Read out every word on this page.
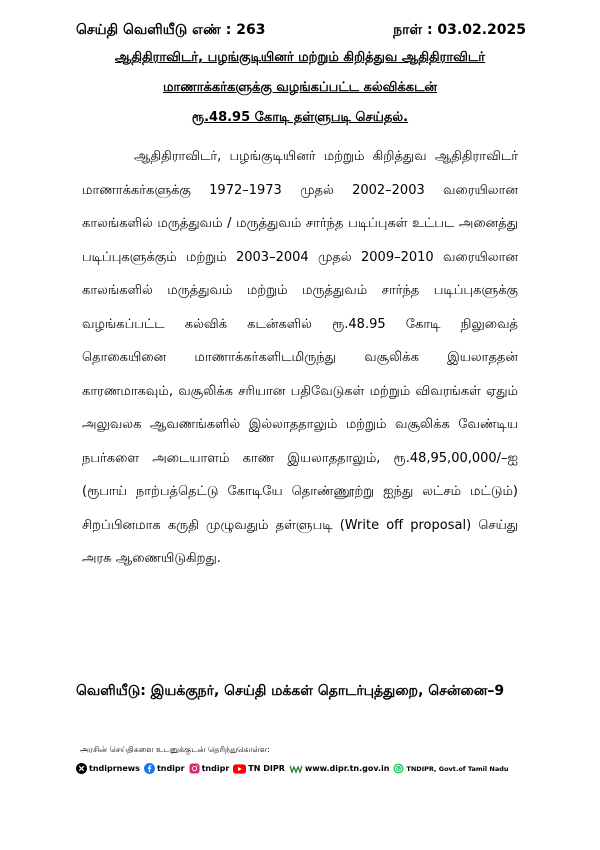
செய்தி வெளியீடு எண் : 263	நாள் : 03.02.2025
ஆதிதிராவிடர், பழங்குடியினர் மற்றும் கிறித்துவ ஆதிதிராவிடர்
மாணாக்கர்களுக்கு வழங்கப்பட்ட கல்விக்கடன்
ரூ.48.95 கோடி தள்ளுபடி செய்தல்.

ஆதிதிராவிடர், பழங்குடியினர் மற்றும் கிறித்துவ ஆதிதிராவிடர் மாணாக்கர்களுக்கு 1972–1973 முதல் 2002–2003 வரையிலான காலங்களில் மருத்துவம் / மருத்துவம் சார்ந்த படிப்புகள் உட்பட அனைத்து படிப்புகளுக்கும் மற்றும் 2003–2004 முதல் 2009–2010 வரையிலான காலங்களில் மருத்துவம் மற்றும் மருத்துவம் சார்ந்த படிப்புகளுக்கு வழங்கப்பட்ட கல்விக் கடன்களில் ரூ.48.95 கோடி நிலுவைத் தொகையினை மாணாக்கர்களிடமிருந்து வசூலிக்க இயலாததன் காரணமாகவும், வசூலிக்க சரியான பதிவேடுகள் மற்றும் விவரங்கள் ஏதும் அலுவலக ஆவணங்களில் இல்லாததாலும் மற்றும் வசூலிக்க வேண்டிய நபர்களை அடையாளம் காண இயலாததாலும், ரூ.48,95,00,000/–ஐ (ரூபாய் நாற்பத்தெட்டு கோடியே தொண்ணூற்று ஐந்து லட்சம் மட்டும்) சிறப்பினமாக கருதி முழுவதும் தள்ளுபடி (Write off proposal) செய்து அரசு ஆணையிடுகிறது.

வெளியீடு: இயக்குநர், செய்தி மக்கள் தொடர்புத்துறை, சென்னை–9
அரசின் செய்திகளை உடனுக்குடன் தெரிந்துகொள்ள:
tndiprnews tndipr tndipr TN DIPR	www.dipr.tn.gov.in	TNDIPR, Govt.of Tamil Nadu
